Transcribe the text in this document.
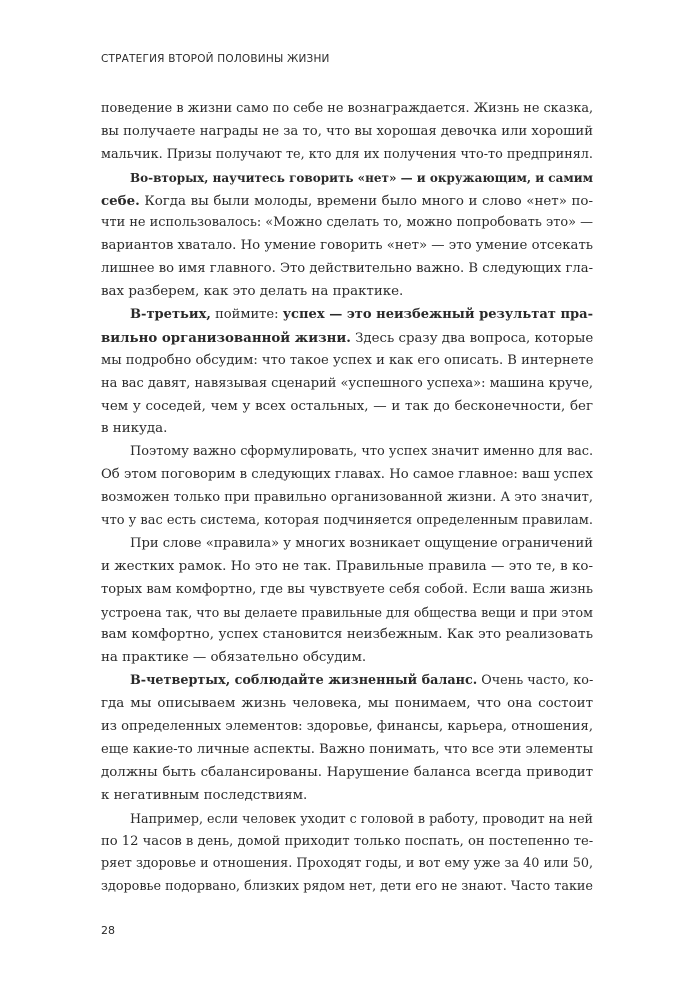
СТРАТЕГИЯ ВТОРОЙ ПОЛОВИНЫ ЖИЗНИ
поведение в жизни само по себе не вознаграждается. Жизнь не сказка,
вы получаете награды не за то, что вы хорошая девочка или хороший
мальчик. Призы получают те, кто для их получения что-то предпринял.
Во-вторых, научитесь говорить «нет» — и окружающим, и самим
себе. Когда вы были молоды, времени было много и слово «нет» по-
чти не использовалось: «Можно сделать то, можно попробовать это» —
вариантов хватало. Но умение говорить «нет» — это умение отсекать
лишнее во имя главного. Это действительно важно. В следующих гла-
вах разберем, как это делать на практике.
В-третьих, поймите: успех — это неизбежный результат пра-
вильно организованной жизни. Здесь сразу два вопроса, которые
мы подробно обсудим: что такое успех и как его описать. В интернете
на вас давят, навязывая сценарий «успешного успеха»: машина круче,
чем у соседей, чем у всех остальных, — и так до бесконечности, бег
в никуда.
Поэтому важно сформулировать, что успех значит именно для вас.
Об этом поговорим в следующих главах. Но самое главное: ваш успех
возможен только при правильно организованной жизни. А это значит,
что у вас есть система, которая подчиняется определенным правилам.
При слове «правила» у многих возникает ощущение ограничений
и жестких рамок. Но это не так. Правильные правила — это те, в ко-
торых вам комфортно, где вы чувствуете себя собой. Если ваша жизнь
устроена так, что вы делаете правильные для общества вещи и при этом
вам комфортно, успех становится неизбежным. Как это реализовать
на практике — обязательно обсудим.
В-четвертых, соблюдайте жизненный баланс. Очень часто, ко-
гда мы описываем жизнь человека, мы понимаем, что она состоит
из определенных элементов: здоровье, финансы, карьера, отношения,
еще какие-то личные аспекты. Важно понимать, что все эти элементы
должны быть сбалансированы. Нарушение баланса всегда приводит
к негативным последствиям.
Например, если человек уходит с головой в работу, проводит на ней
по 12 часов в день, домой приходит только поспать, он постепенно те-
ряет здоровье и отношения. Проходят годы, и вот ему уже за 40 или 50,
здоровье подорвано, близких рядом нет, дети его не знают. Часто такие
28
